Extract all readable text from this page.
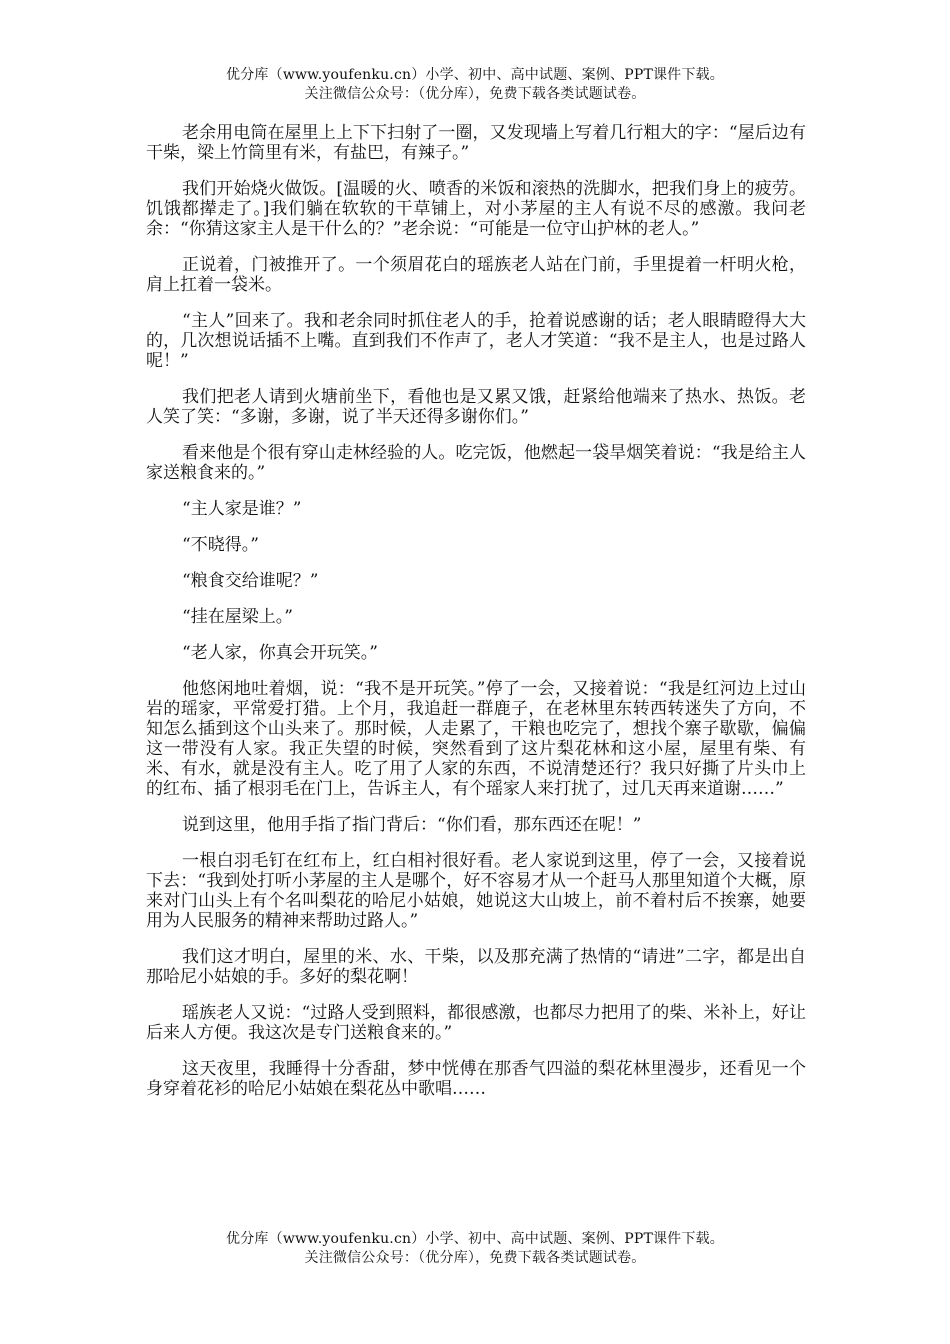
优分库（www.youfenku.cn）小学、初中、高中试题、案例、PPT课件下载。
关注微信公众号：（优分库），免费下载各类试题试卷。

老余用电筒在屋里上上下下扫射了一圈，又发现墙上写着几行粗大的字：“屋后边有干柴，梁上竹筒里有米，有盐巴，有辣子。”

我们开始烧火做饭。[温暖的火、喷香的米饭和滚热的洗脚水，把我们身上的疲劳。饥饿都撵走了。]我们躺在软软的干草铺上，对小茅屋的主人有说不尽的感激。我问老余：“你猜这家主人是干什么的？”老余说：“可能是一位守山护林的老人。”

正说着，门被推开了。一个须眉花白的瑶族老人站在门前，手里提着一杆明火枪，肩上扛着一袋米。

“主人”回来了。我和老余同时抓住老人的手，抢着说感谢的话；老人眼睛瞪得大大的，几次想说话插不上嘴。直到我们不作声了，老人才笑道：“我不是主人，也是过路人呢！”

我们把老人请到火塘前坐下，看他也是又累又饿，赶紧给他端来了热水、热饭。老人笑了笑：“多谢，多谢，说了半天还得多谢你们。”

看来他是个很有穿山走林经验的人。吃完饭，他燃起一袋旱烟笑着说：“我是给主人家送粮食来的。”

“主人家是谁？”

“不晓得。”

“粮食交给谁呢？”

“挂在屋梁上。”

“老人家，你真会开玩笑。”

他悠闲地吐着烟，说：“我不是开玩笑。”停了一会，又接着说：“我是红河边上过山岩的瑶家，平常爱打猎。上个月，我追赶一群鹿子，在老林里东转西转迷失了方向，不知怎么插到这个山头来了。那时候，人走累了，干粮也吃完了，想找个寨子歇歇，偏偏这一带没有人家。我正失望的时候，突然看到了这片梨花林和这小屋，屋里有柴、有米、有水，就是没有主人。吃了用了人家的东西，不说清楚还行？我只好撕了片头巾上的红布、插了根羽毛在门上，告诉主人，有个瑶家人来打扰了，过几天再来道谢……”

说到这里，他用手指了指门背后：“你们看，那东西还在呢！”

一根白羽毛钉在红布上，红白相衬很好看。老人家说到这里，停了一会，又接着说下去：“我到处打听小茅屋的主人是哪个，好不容易才从一个赶马人那里知道个大概，原来对门山头上有个名叫梨花的哈尼小姑娘，她说这大山坡上，前不着村后不挨寨，她要用为人民服务的精神来帮助过路人。”

我们这才明白，屋里的米、水、干柴，以及那充满了热情的“请进”二字，都是出自那哈尼小姑娘的手。多好的梨花啊！

瑶族老人又说：“过路人受到照料，都很感激，也都尽力把用了的柴、米补上，好让后来人方便。我这次是专门送粮食来的。”

这天夜里，我睡得十分香甜，梦中恍傅在那香气四溢的梨花林里漫步，还看见一个身穿着花衫的哈尼小姑娘在梨花丛中歌唱……

优分库（www.youfenku.cn）小学、初中、高中试题、案例、PPT课件下载。
关注微信公众号：（优分库），免费下载各类试题试卷。
